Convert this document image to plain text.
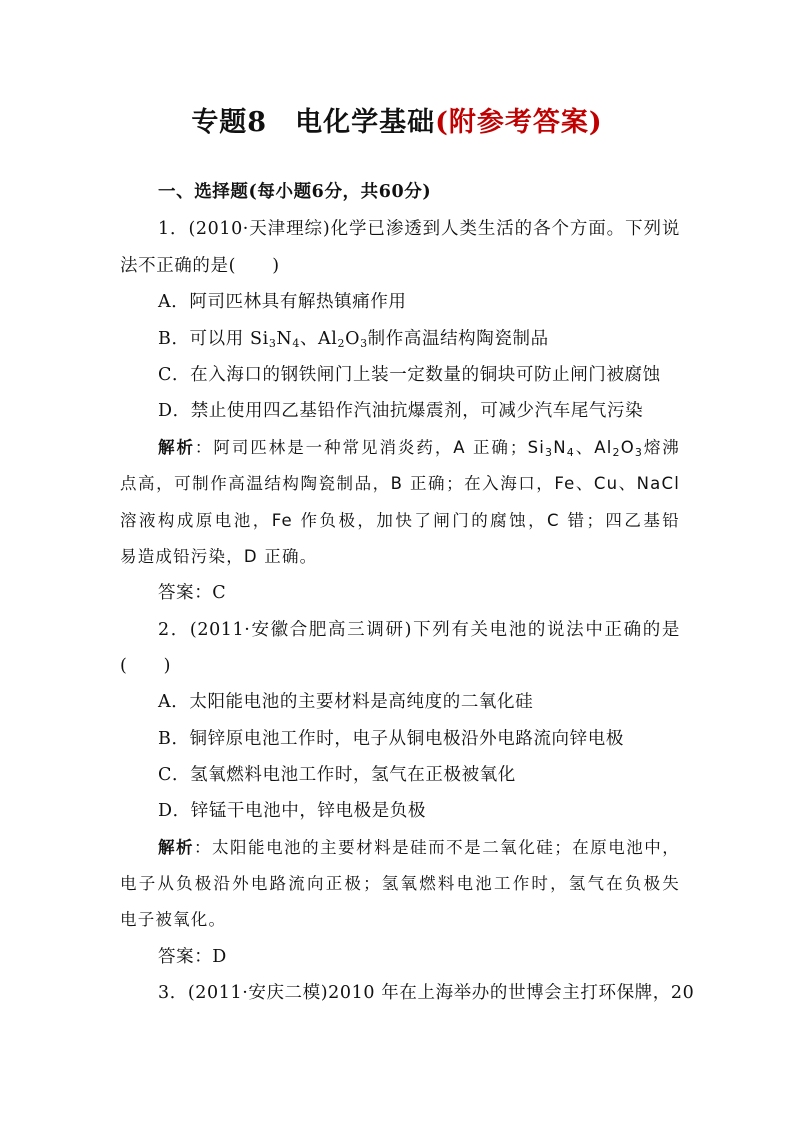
专题8　电化学基础(附参考答案)
一、选择题(每小题6分，共60分)
1．(2010·天津理综)化学已渗透到人类生活的各个方面。下列说
法不正确的是(　　)
A．阿司匹林具有解热镇痛作用
B．可以用 $Si_3N_4$、$Al_2O_3$制作高温结构陶瓷制品
C．在入海口的钢铁闸门上装一定数量的铜块可防止闸门被腐蚀
D．禁止使用四乙基铅作汽油抗爆震剂，可减少汽车尾气污染
解析：阿司匹林是一种常见消炎药，A 正确；$Si_3N_4$、$Al_2O_3$熔沸
点高，可制作高温结构陶瓷制品，B 正确；在入海口，Fe、Cu、NaCl
溶液构成原电池，Fe 作负极，加快了闸门的腐蚀，C 错；四乙基铅
易造成铅污染，D 正确。
答案：C
2．(2011·安徽合肥高三调研)下列有关电池的说法中正确的是
(　　)
A．太阳能电池的主要材料是高纯度的二氧化硅
B．铜锌原电池工作时，电子从铜电极沿外电路流向锌电极
C．氢氧燃料电池工作时，氢气在正极被氧化
D．锌锰干电池中，锌电极是负极
解析：太阳能电池的主要材料是硅而不是二氧化硅；在原电池中，
电子从负极沿外电路流向正极；氢氧燃料电池工作时，氢气在负极失
电子被氧化。
答案：D
3．(2011·安庆二模)2010 年在上海举办的世博会主打环保牌，20
